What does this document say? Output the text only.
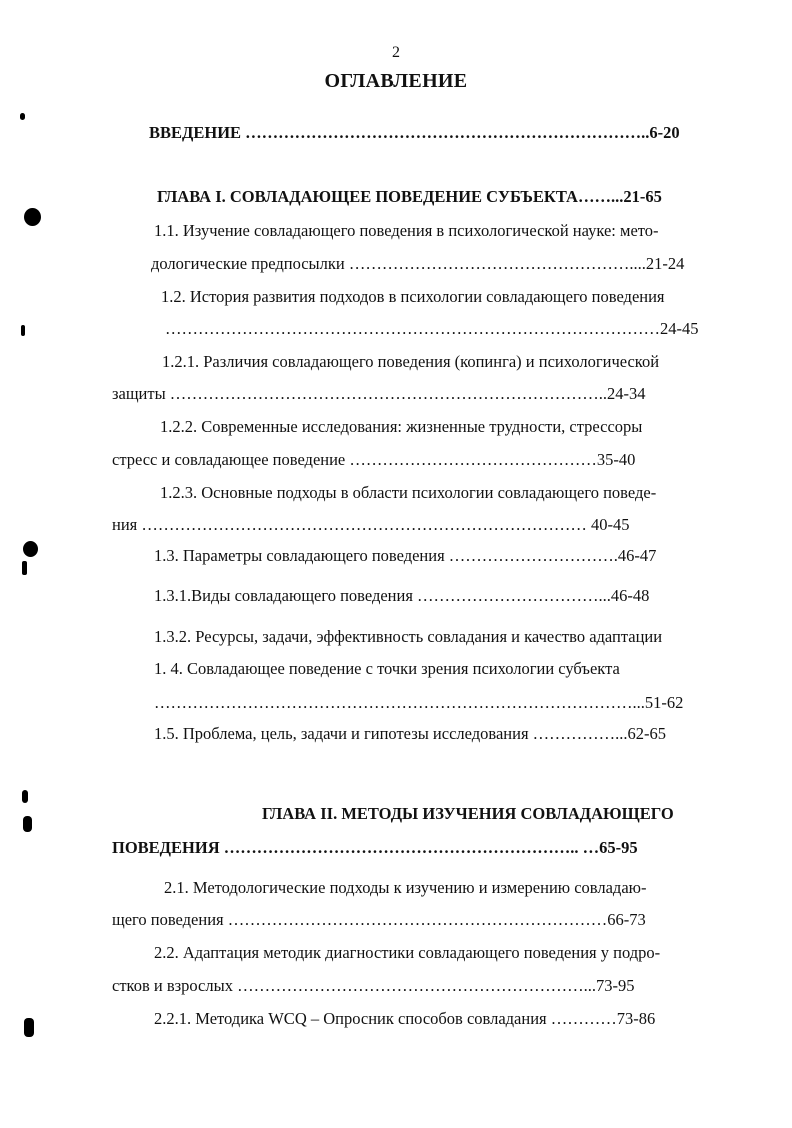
2
ОГЛАВЛЕНИЕ
ВВЕДЕНИЕ ………………………………………………………………..6-20
ГЛАВА I. СОВЛАДАЮЩЕЕ ПОВЕДЕНИЕ СУБЪЕКТА……...21-65
1.1. Изучение совладающего поведения в психологической науке: мето-
дологические предпосылки ……………………………………………....21-24
1.2. История развития подходов в психологии совладающего поведения
………………………………………………………………………………24-45
1.2.1. Различия совладающего поведения (копинга) и психологической
защиты ……………………………………………………………………..24-34
1.2.2. Современные исследования: жизненные трудности, стрессоры
стресс и совладающее поведение ………………………………………35-40
1.2.3. Основные подходы в области психологии совладающего поведе-
ния ……………………………………………………………………… 40-45
1.3. Параметры совладающего поведения ………………………….46-47
1.3.1.Виды совладающего поведения ……………………………...46-48
1.3.2. Ресурсы, задачи, эффективность совладания и качество адаптации
1. 4. Совладающее поведение с точки зрения психологии субъекта
……………………………………………………………………………...51-62
1.5. Проблема, цель, задачи и гипотезы исследования ……………...62-65
ГЛАВА II. МЕТОДЫ ИЗУЧЕНИЯ СОВЛАДАЮЩЕГО
ПОВЕДЕНИЯ ……………………………………………………….. …65-95
2.1. Методологические подходы к изучению и измерению совладаю-
щего поведения ……………………………………………………………66-73
2.2. Адаптация методик диагностики совладающего поведения у подро-
стков и взрослых ………………………………………………………...73-95
2.2.1. Методика WCQ – Опросник способов совладания …………73-86
